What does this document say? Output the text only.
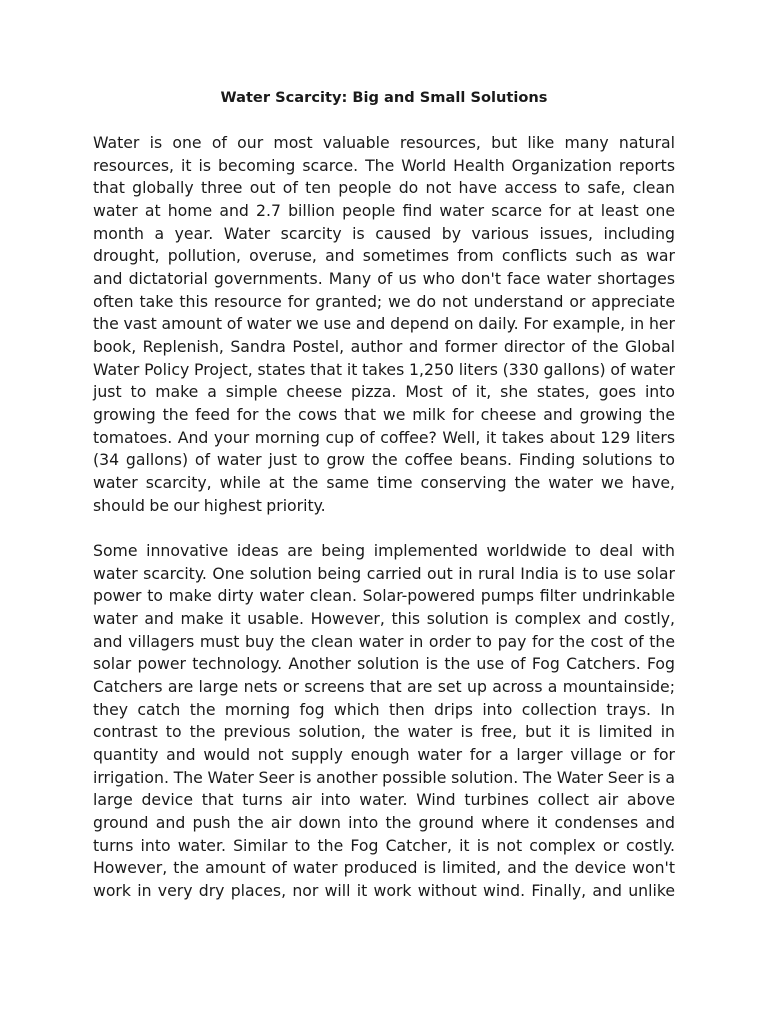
Water Scarcity: Big and Small Solutions

Water is one of our most valuable resources, but like many natural resources, it is becoming scarce. The World Health Organization reports that globally three out of ten people do not have access to safe, clean water at home and 2.7 billion people find water scarce for at least one month a year. Water scarcity is caused by various issues, including drought, pollution, overuse, and sometimes from conflicts such as war and dictatorial governments. Many of us who don't face water shortages often take this resource for granted; we do not understand or appreciate the vast amount of water we use and depend on daily. For example, in her book, Replenish, Sandra Postel, author and former director of the Global Water Policy Project, states that it takes 1,250 liters (330 gallons) of water just to make a simple cheese pizza. Most of it, she states, goes into growing the feed for the cows that we milk for cheese and growing the tomatoes. And your morning cup of coffee? Well, it takes about 129 liters (34 gallons) of water just to grow the coffee beans. Finding solutions to water scarcity, while at the same time conserving the water we have, should be our highest priority.

Some innovative ideas are being implemented worldwide to deal with water scarcity. One solution being carried out in rural India is to use solar power to make dirty water clean. Solar-powered pumps filter undrinkable water and make it usable. However, this solution is complex and costly, and villagers must buy the clean water in order to pay for the cost of the solar power technology. Another solution is the use of Fog Catchers. Fog Catchers are large nets or screens that are set up across a mountainside; they catch the morning fog which then drips into collection trays. In contrast to the previous solution, the water is free, but it is limited in quantity and would not supply enough water for a larger village or for irrigation. The Water Seer is another possible solution. The Water Seer is a large device that turns air into water. Wind turbines collect air above ground and push the air down into the ground where it condenses and turns into water. Similar to the Fog Catcher, it is not complex or costly. However, the amount of water produced is limited, and the device won't work in very dry places, nor will it work without wind. Finally, and unlike
